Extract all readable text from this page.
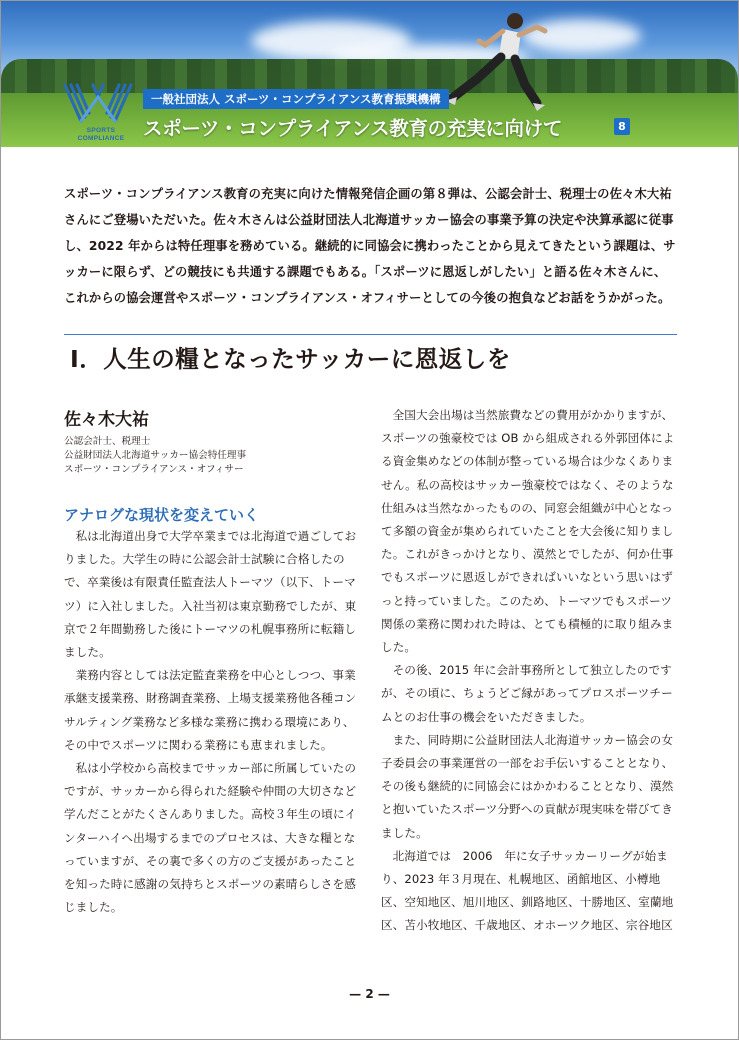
SPORTS
COMPLIANCE
一般社団法人 スポーツ・コンプライアンス教育振興機構
スポーツ・コンプライアンス教育の充実に向けて	8

スポーツ・コンプライアンス教育の充実に向けた情報発信企画の第８弾は、公認会計士、税理士の佐々木大祐さんにご登場いただいた。佐々木さんは公益財団法人北海道サッカー協会の事業予算の決定や決算承認に従事し、2022 年からは特任理事を務めている。継続的に同協会に携わったことから見えてきたという課題は、サッカーに限らず、どの競技にも共通する課題でもある。「スポーツに恩返しがしたい」と語る佐々木さんに、これからの協会運営やスポーツ・コンプライアンス・オフィサーとしての今後の抱負などお話をうかがった。

Ⅰ．人生の糧となったサッカーに恩返しを
佐々木大祐
公認会計士、税理士
公益財団法人北海道サッカー協会特任理事
スポーツ・コンプライアンス・オフィサー
アナログな現状を変えていく

私は北海道出身で大学卒業までは北海道で過ごしておりました。大学生の時に公認会計士試験に合格したので、卒業後は有限責任監査法人トーマツ（以下、トーマツ）に入社しました。入社当初は東京勤務でしたが、東京で２年間勤務した後にトーマツの札幌事務所に転籍しました。

業務内容としては法定監査業務を中心としつつ、事業承継支援業務、財務調査業務、上場支援業務他各種コンサルティング業務など多様な業務に携わる環境にあり、その中でスポーツに関わる業務にも恵まれました。

私は小学校から高校までサッカー部に所属していたのですが、サッカーから得られた経験や仲間の大切さなど学んだことがたくさんありました。高校３年生の頃にインターハイへ出場するまでのプロセスは、大きな糧となっていますが、その裏で多くの方のご支援があったことを知った時に感謝の気持ちとスポーツの素晴らしさを感じました。

全国大会出場は当然旅費などの費用がかかりますが、スポーツの強豪校では OB から組成される外郭団体による資金集めなどの体制が整っている場合は少なくありません。私の高校はサッカー強豪校ではなく、そのような仕組みは当然なかったものの、同窓会組織が中心となって多額の資金が集められていたことを大会後に知りました。これがきっかけとなり、漠然とでしたが、何か仕事でもスポーツに恩返しができればいいなという思いはずっと持っていました。このため、トーマツでもスポーツ関係の業務に関われた時は、とても積極的に取り組みました。

その後、2015 年に会計事務所として独立したのですが、その頃に、ちょうどご縁があってプロスポーツチームとのお仕事の機会をいただきました。

また、同時期に公益財団法人北海道サッカー協会の女子委員会の事業運営の一部をお手伝いすることとなり、その後も継続的に同協会にはかかわることとなり、漠然と抱いていたスポーツ分野への貢献が現実味を帯びてきました。

北海道では　2006　年に女子サッカーリーグが始まり、2023 年３月現在、札幌地区、函館地区、小樽地区、空知地区、旭川地区、釧路地区、十勝地区、室蘭地区、苫小牧地区、千歳地区、オホーツク地区、宗谷地区

— 2 —
